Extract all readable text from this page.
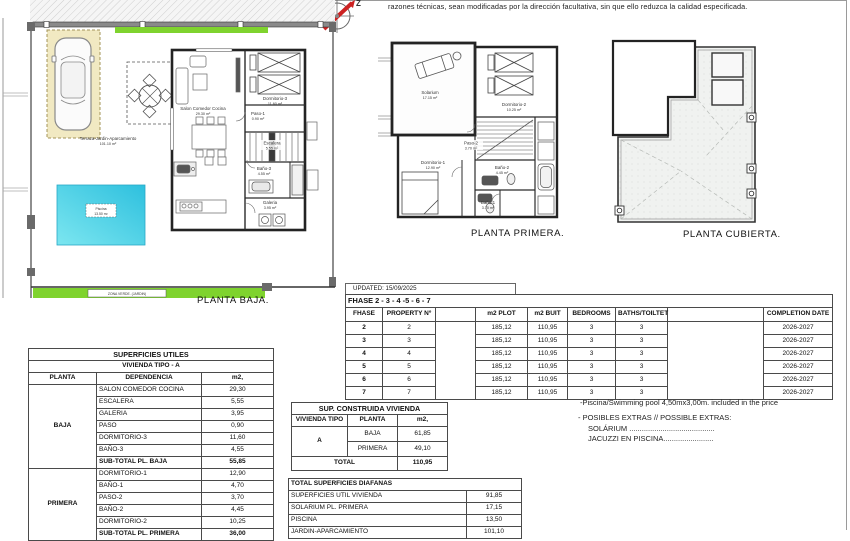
razones técnicas, sean modificadas por la dirección facultativa, sin que ello reduzca la calidad especificada.
Z
ZONA VERDE. (JARDIN)
Terraza-Jardin-Aparcamiento
101.10 m²
Piscina
13.50 m²
Salon Comedor Cocina
29.30 m²
Dormitorio-3
11.60 m²
Paso-1
0.90 m²
Escalera
5.55 m²
Baño-3
4.55 m²
Galeria
3.95 m²
PLANTA BAJA.
Solarium
17.15 m²
Dormitorio-2
10.25 m²
Paso-2
3.70 m²
Dormitorio-1
12.90 m²	Baño-2
4.45 m²
Baño-1
3.70 m²
PLANTA PRIMERA.	PLANTA CUBIERTA.
UPDATED: 15/09/2025
FHASE 2 - 3 - 4 -5 - 6 - 7								
FHASE	PROPERTY Nº		m2 PLOT	m2 BUIT	BEDROOMS	BATHS/TOILTET		COMPLETION DATE
2	2		185,12	110,95	3	3		2026-2027
3	3		185,12	110,95	3	3		2026-2027
4	4		185,12	110,95	3	3		2026-2027
5	5		185,12	110,95	3	3		2026-2027
6	6		185,12	110,95	3	3		2026-2027
7	7		185,12	110,95	3	3		2026-2027
SUPERFICIES UTILES		
VIVIENDA TIPO - A		
PLANTA	DEPENDENCIA	m2,
BAJA	SALON COMEDOR COCINA	29,30
	ESCALERA	5,55
	GALERIA	3,95
	PASO	0,90
	DORMITORIO-3	11,60
	BAÑO-3	4,55
	SUB-TOTAL PL. BAJA	55,85
PRIMERA	DORMITORIO-1	12,90
	BAÑO-1	4,70
	PASO-2	3,70
	BAÑO-2	4,45
	DORMITORIO-2	10,25
	SUB-TOTAL PL. PRIMERA	36,00
SUP. CONSTRUIDA VIVIENDA		
VIVIENDA TIPO	PLANTA	m2,
A	BAJA	61,85
	PRIMERA	49,10
TOTAL		110,95
TOTAL SUPERFICIES DIAFANAS	
SUPERFICIES UTIL VIVIENDA	91,85
SOLARIUM PL. PRIMERA	17,15
PISCINA	13,50
JARDIN-APARCAMIENTO	101,10

-Piscina/Swimming pool 4,50mx3,00m. included in the price

- POSIBLES EXTRAS // POSSIBLE EXTRAS:

SOLÁRIUM .........................................

JACUZZI EN PISCINA........................
